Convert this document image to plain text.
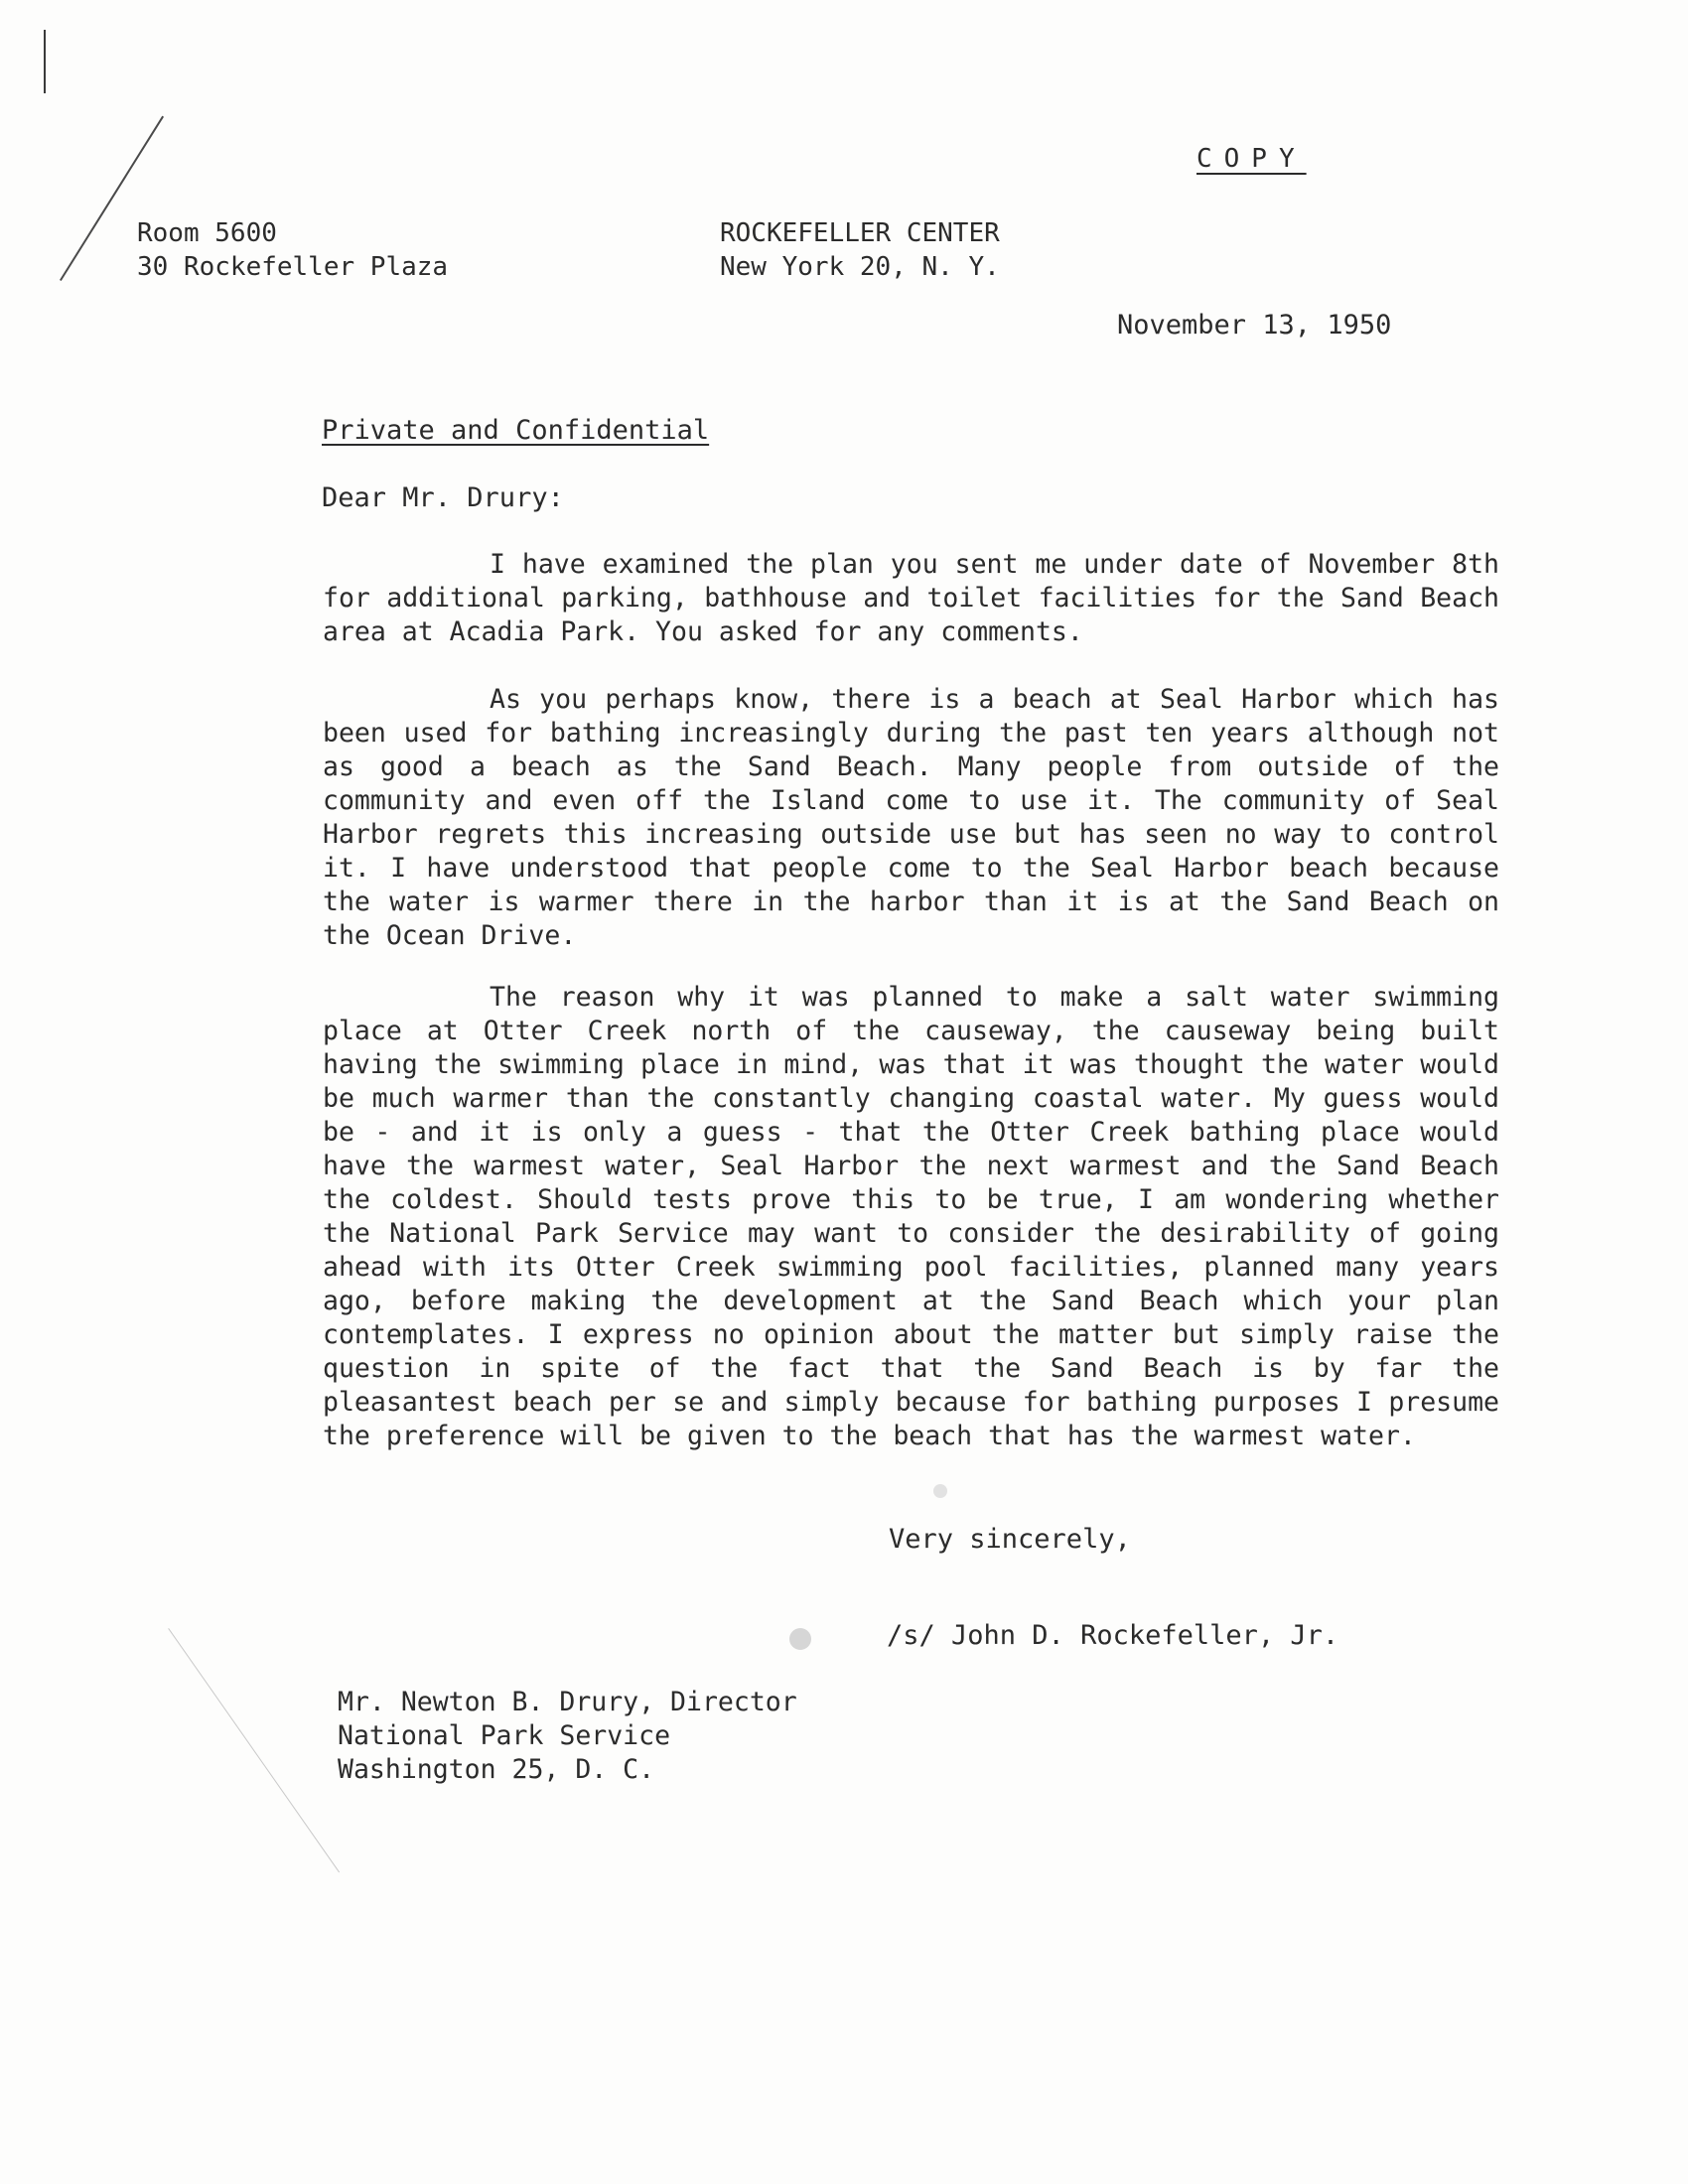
COPY
Room 5600
30 Rockefeller Plaza
ROCKEFELLER CENTER
New York 20, N. Y.
November 13, 1950
Private and Confidential
Dear Mr. Drury:
I have examined the plan you sent me under date of November 8th for additional parking, bathhouse and toilet facilities for the Sand Beach area at Acadia Park. You asked for any comments.
As you perhaps know, there is a beach at Seal Harbor which has been used for bathing increasingly during the past ten years although not as good a beach as the Sand Beach. Many people from outside of the community and even off the Island come to use it. The community of Seal Harbor regrets this increasing outside use but has seen no way to control it. I have understood that people come to the Seal Harbor beach because the water is warmer there in the harbor than it is at the Sand Beach on the Ocean Drive.
The reason why it was planned to make a salt water swimming place at Otter Creek north of the causeway, the causeway being built having the swimming place in mind, was that it was thought the water would be much warmer than the constantly changing coastal water. My guess would be - and it is only a guess - that the Otter Creek bathing place would have the warmest water, Seal Harbor the next warmest and the Sand Beach the coldest. Should tests prove this to be true, I am wondering whether the National Park Service may want to consider the desirability of going ahead with its Otter Creek swimming pool facilities, planned many years ago, before making the development at the Sand Beach which your plan contemplates. I express no opinion about the matter but simply raise the question in spite of the fact that the Sand Beach is by far the pleasantest beach per se and simply because for bathing purposes I presume the preference will be given to the beach that has the warmest water.
Very sincerely,
/s/ John D. Rockefeller, Jr.
Mr. Newton B. Drury, Director
National Park Service
Washington 25, D. C.
